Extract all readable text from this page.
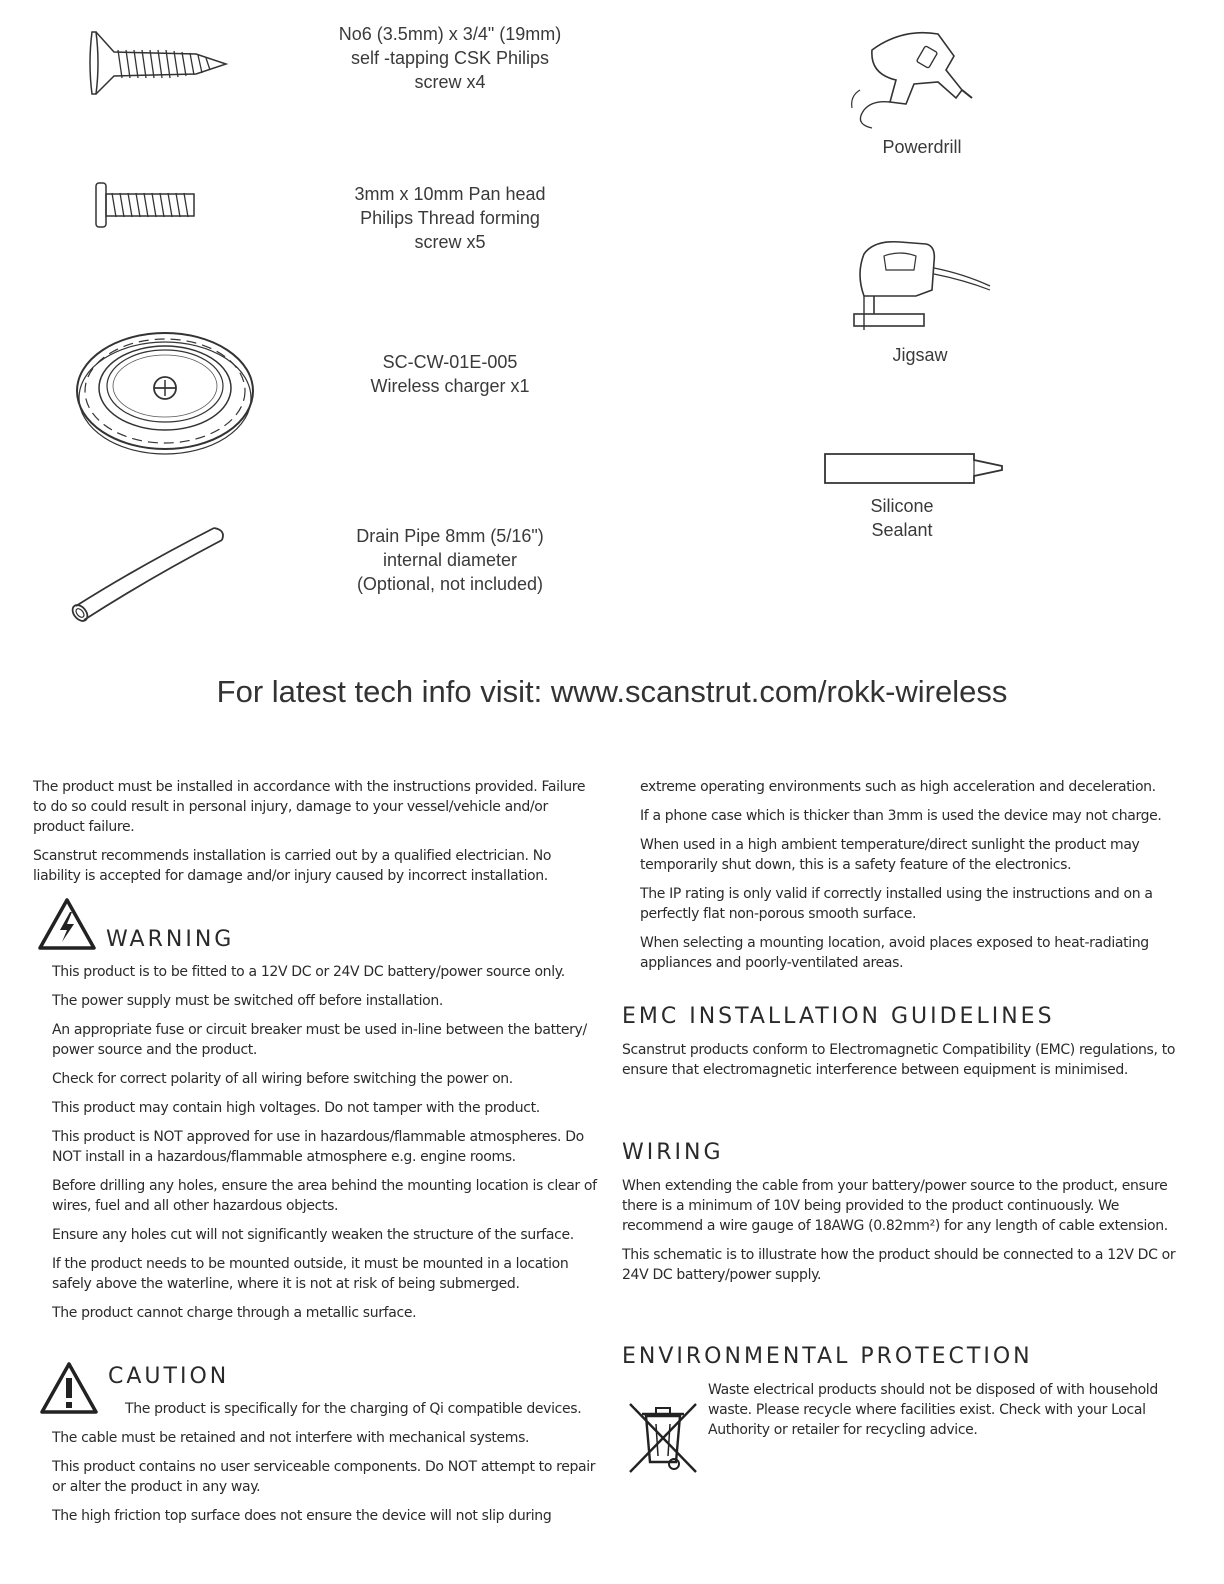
No6 (3.5mm) x 3/4" (19mm)
self -tapping CSK Philips
screw x4
3mm x 10mm Pan head
Philips Thread forming
screw x5
SC-CW-01E-005
Wireless charger x1
Drain Pipe 8mm (5/16")
internal diameter
(Optional, not included)
Powerdrill
Jigsaw
Silicone
Sealant
For latest tech info visit: www.scanstrut.com/rokk-wireless

The product must be installed in accordance with the instructions provided. Failure to do so could result in personal injury, damage to your vessel/vehicle and/or product failure.

Scanstrut recommends installation is carried out by a qualified electrician. No liability is accepted for damage and/or injury caused by incorrect installation.

WARNING

This product is to be fitted to a 12V DC or 24V DC battery/power source only.

The power supply must be switched off before installation.

An appropriate fuse or circuit breaker must be used in-line between the battery/ power source and the product.

Check for correct polarity of all wiring before switching the power on.

This product may contain high voltages. Do not tamper with the product.

This product is NOT approved for use in hazardous/flammable atmospheres. Do NOT install in a hazardous/flammable atmosphere e.g. engine rooms.

Before drilling any holes, ensure the area behind the mounting location is clear of wires, fuel and all other hazardous objects.

Ensure any holes cut will not significantly weaken the structure of the surface.

If the product needs to be mounted outside, it must be mounted in a location safely above the waterline, where it is not at risk of being submerged.

The product cannot charge through a metallic surface.

CAUTION

The product is specifically for the charging of Qi compatible devices.

The cable must be retained and not interfere with mechanical systems.

This product contains no user serviceable components. Do NOT attempt to repair or alter the product in any way.

The high friction top surface does not ensure the device will not slip during

extreme operating environments such as high acceleration and deceleration.

If a phone case which is thicker than 3mm is used the device may not charge.

When used in a high ambient temperature/direct sunlight the product may temporarily shut down, this is a safety feature of the electronics.

The IP rating is only valid if correctly installed using the instructions and on a perfectly flat non-porous smooth surface.

When selecting a mounting location, avoid places exposed to heat-radiating appliances and poorly-ventilated areas.

EMC INSTALLATION GUIDELINES

Scanstrut products conform to Electromagnetic Compatibility (EMC) regulations, to ensure that electromagnetic interference between equipment is minimised.

WIRING

When extending the cable from your battery/power source to the product, ensure there is a minimum of 10V being provided to the product continuously. We recommend a wire gauge of 18AWG (0.82mm²) for any length of cable extension.

This schematic is to illustrate how the product should be connected to a 12V DC or 24V DC battery/power supply.

ENVIRONMENTAL PROTECTION

Waste electrical products should not be disposed of with household waste. Please recycle where facilities exist. Check with your Local Authority or retailer for recycling advice.
